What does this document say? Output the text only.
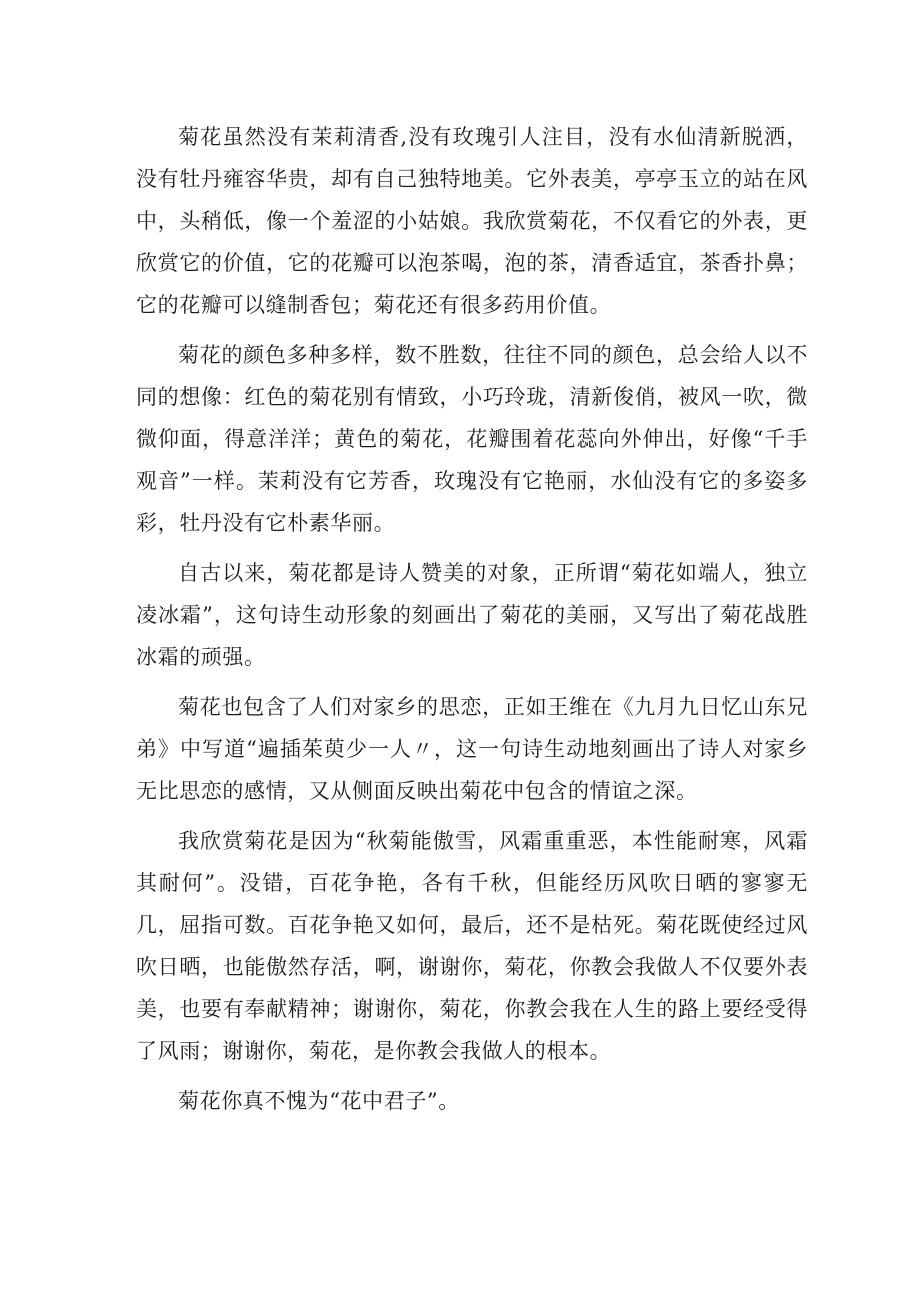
菊花虽然没有茉莉清香,没有玫瑰引人注目，没有水仙清新脱洒，没有牡丹雍容华贵，却有自己独特地美。它外表美，亭亭玉立的站在风中，头稍低，像一个羞涩的小姑娘。我欣赏菊花，不仅看它的外表，更欣赏它的价值，它的花瓣可以泡茶喝，泡的茶，清香适宜，茶香扑鼻；它的花瓣可以缝制香包；菊花还有很多药用价值。

菊花的颜色多种多样，数不胜数，往往不同的颜色，总会给人以不同的想像：红色的菊花别有情致，小巧玲珑，清新俊俏，被风一吹，微微仰面，得意洋洋；黄色的菊花，花瓣围着花蕊向外伸出，好像“千手观音”一样。茉莉没有它芳香，玫瑰没有它艳丽，水仙没有它的多姿多彩，牡丹没有它朴素华丽。

自古以来，菊花都是诗人赞美的对象，正所谓“菊花如端人，独立凌冰霜”，这句诗生动形象的刻画出了菊花的美丽，又写出了菊花战胜冰霜的顽强。

菊花也包含了人们对家乡的思恋，正如王维在《九月九日忆山东兄弟》中写道“遍插茱萸少一人〃，这一句诗生动地刻画出了诗人对家乡无比思恋的感情，又从侧面反映出菊花中包含的情谊之深。

我欣赏菊花是因为“秋菊能傲雪，风霜重重恶，本性能耐寒，风霜其耐何”。没错，百花争艳，各有千秋，但能经历风吹日晒的寥寥无几，屈指可数。百花争艳又如何，最后，还不是枯死。菊花既使经过风吹日晒，也能傲然存活，啊，谢谢你，菊花，你教会我做人不仅要外表美，也要有奉献精神；谢谢你，菊花，你教会我在人生的路上要经受得了风雨；谢谢你，菊花，是你教会我做人的根本。

菊花你真不愧为“花中君子”。
